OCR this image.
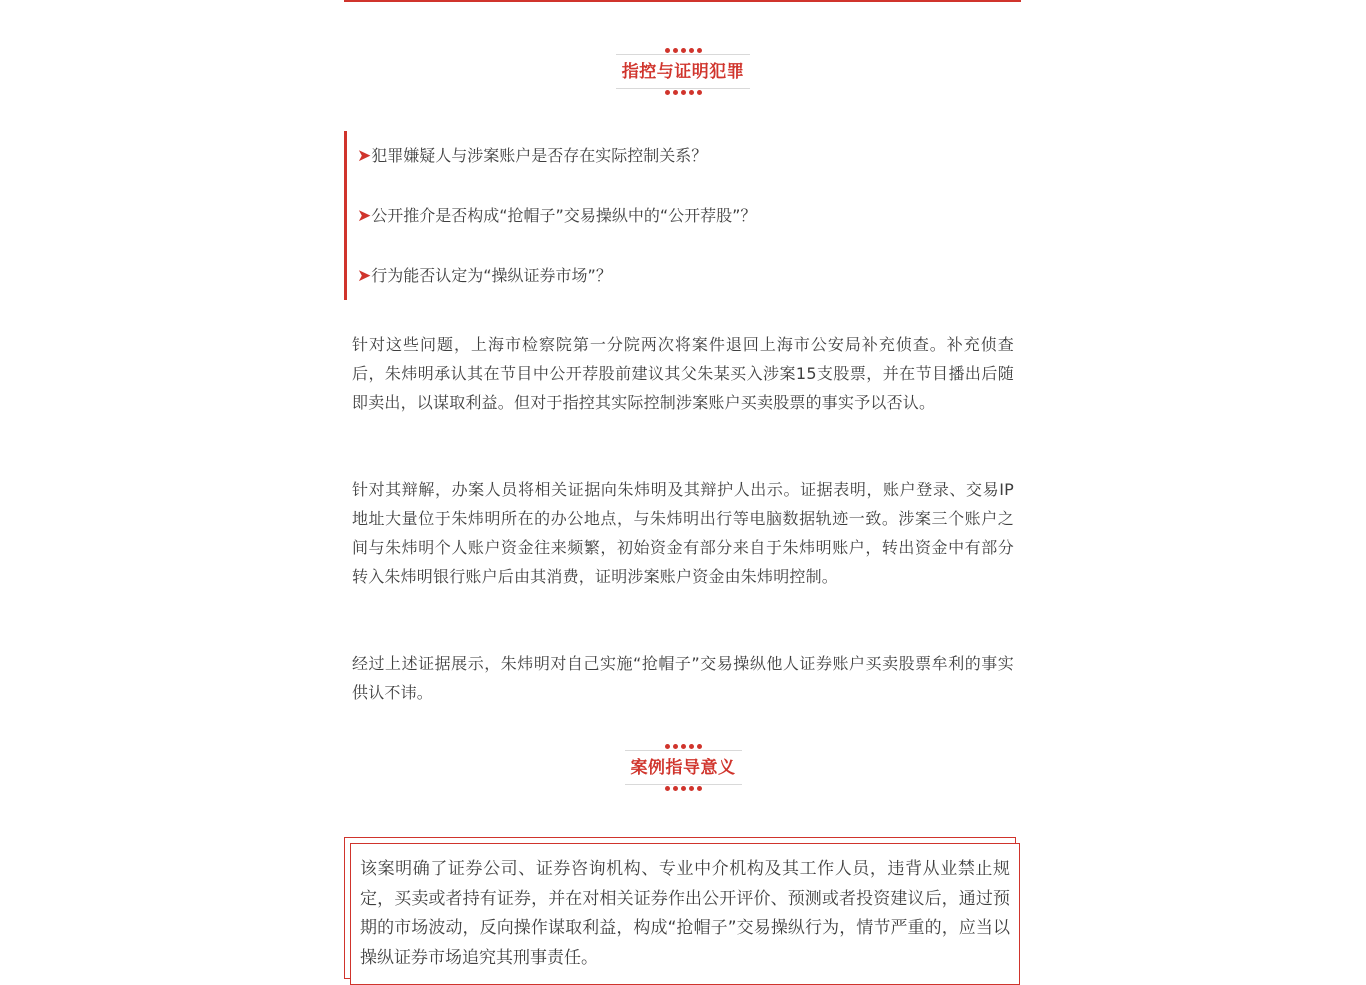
指控与证明犯罪
➤犯罪嫌疑人与涉案账户是否存在实际控制关系？
➤公开推介是否构成“抢帽子”交易操纵中的“公开荐股”？
➤行为能否认定为“操纵证券市场”？
针对这些问题，上海市检察院第一分院两次将案件退回上海市公安局补充侦查。补充侦查后，朱炜明承认其在节目中公开荐股前建议其父朱某买入涉案15支股票，并在节目播出后随即卖出，以谋取利益。但对于指控其实际控制涉案账户买卖股票的事实予以否认。
针对其辩解，办案人员将相关证据向朱炜明及其辩护人出示。证据表明，账户登录、交易IP地址大量位于朱炜明所在的办公地点，与朱炜明出行等电脑数据轨迹一致。涉案三个账户之间与朱炜明个人账户资金往来频繁，初始资金有部分来自于朱炜明账户，转出资金中有部分转入朱炜明银行账户后由其消费，证明涉案账户资金由朱炜明控制。
经过上述证据展示，朱炜明对自己实施“抢帽子”交易操纵他人证券账户买卖股票牟利的事实供认不讳。
案例指导意义
该案明确了证券公司、证券咨询机构、专业中介机构及其工作人员，违背从业禁止规定，买卖或者持有证券，并在对相关证券作出公开评价、预测或者投资建议后，通过预期的市场波动，反向操作谋取利益，构成“抢帽子”交易操纵行为，情节严重的，应当以操纵证券市场追究其刑事责任。
